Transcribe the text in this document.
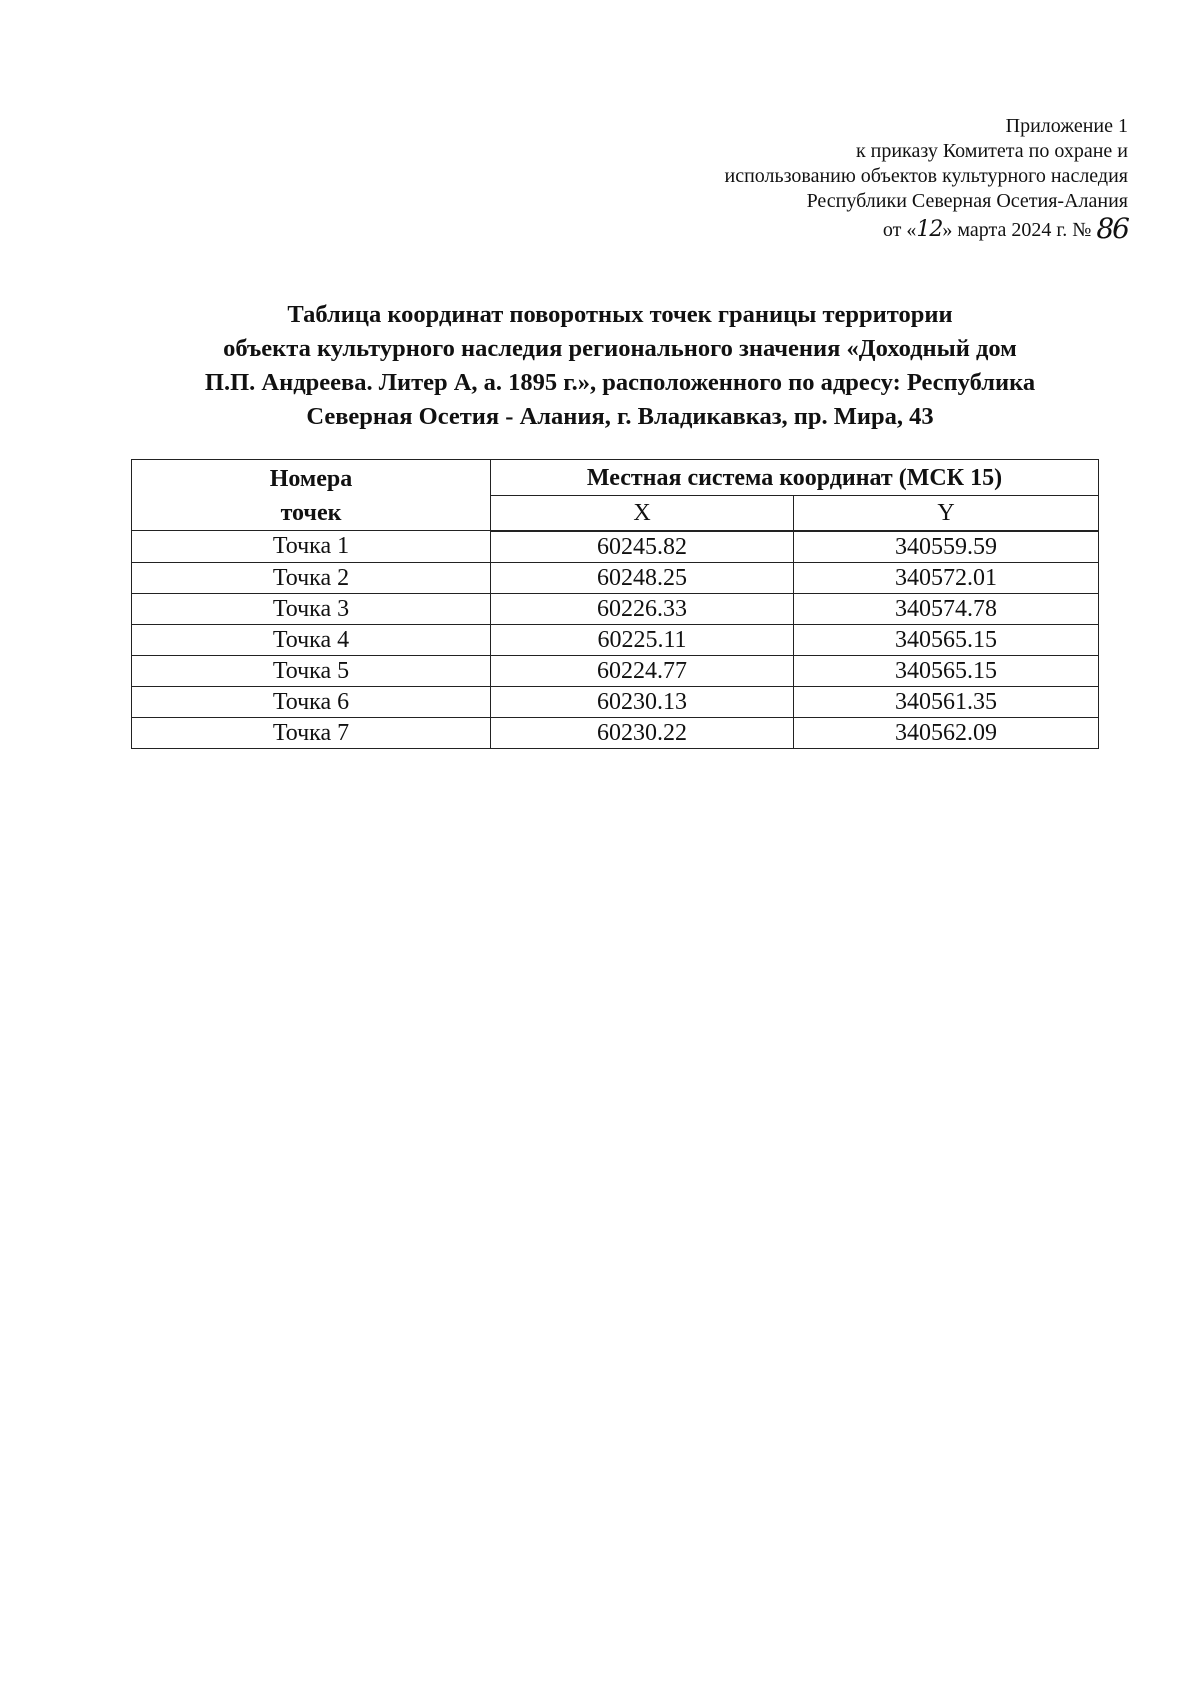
Приложение 1
к приказу Комитета по охране и
использованию объектов культурного наследия
Республики Северная Осетия-Алания
от «12» марта 2024 г. № 86
Таблица координат поворотных точек границы территории
объекта культурного наследия регионального значения «Доходный дом
П.П. Андреева. Литер А, а. 1895 г.», расположенного по адресу: Республика
Северная Осетия - Алания, г. Владикавказ, пр. Мира, 43
Номера
точек	Местная система координат (МСК 15)	
	X	Y
Точка 1	60245.82	340559.59
Точка 2	60248.25	340572.01
Точка 3	60226.33	340574.78
Точка 4	60225.11	340565.15
Точка 5	60224.77	340565.15
Точка 6	60230.13	340561.35
Точка 7	60230.22	340562.09
